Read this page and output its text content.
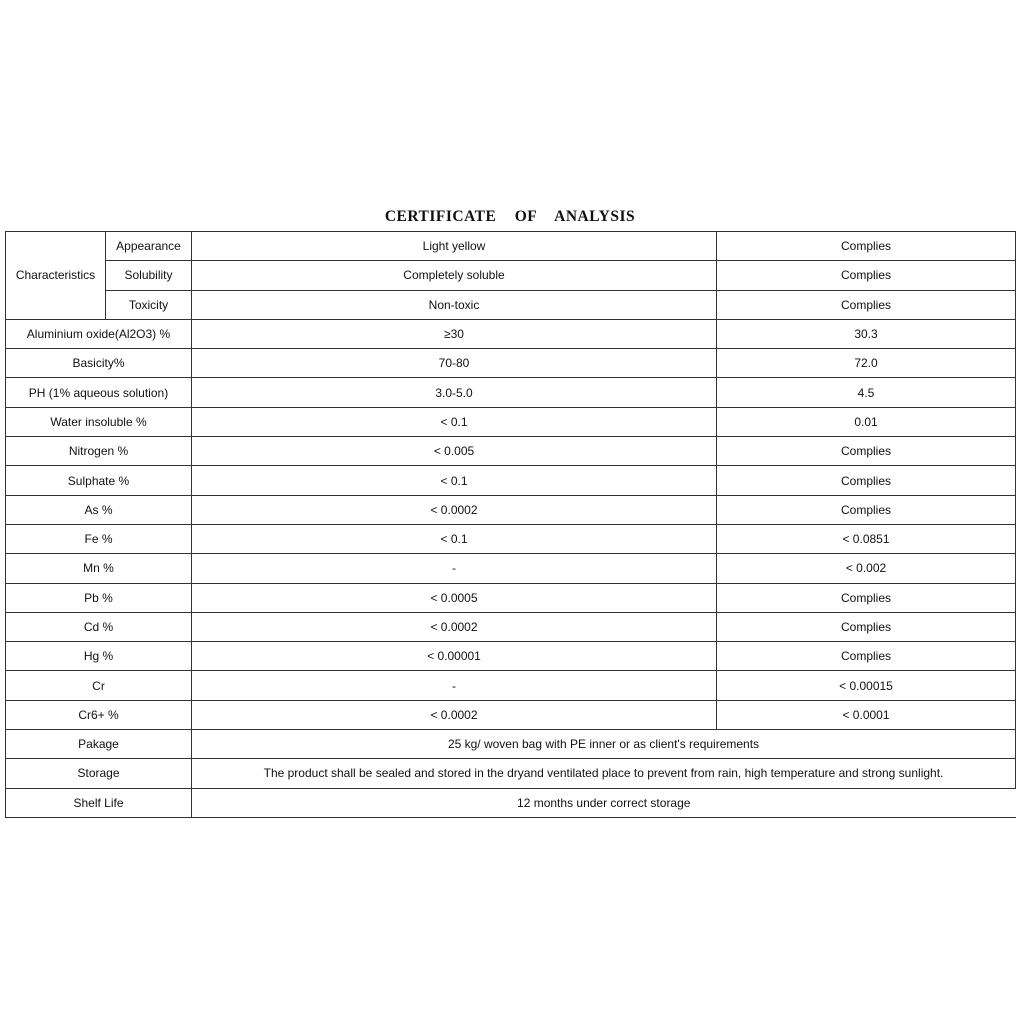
CERTIFICATE OF ANALYSIS
Characteristics	Appearance	Light yellow	Complies
	Solubility	Completely soluble	Complies
	Toxicity	Non-toxic	Complies
Aluminium oxide(Al2O3) %		≥30	30.3
Basicity%		70-80	72.0
PH (1% aqueous solution)		3.0-5.0	4.5
Water insoluble %		< 0.1	0.01
Nitrogen %		< 0.005	Complies
Sulphate %		< 0.1	Complies
As %		< 0.0002	Complies
Fe %		< 0.1	< 0.0851
Mn %		-	< 0.002
Pb %		< 0.0005	Complies
Cd %		< 0.0002	Complies
Hg %		< 0.00001	Complies
Cr		-	< 0.00015
Cr6+ %		< 0.0002	< 0.0001
Pakage		25 kg/ woven bag with PE inner or as client's requirements	
Storage		The product shall be sealed and stored in the dryand ventilated place to prevent from rain, high temperature and strong sunlight.	
Shelf Life		12 months under correct storage	
